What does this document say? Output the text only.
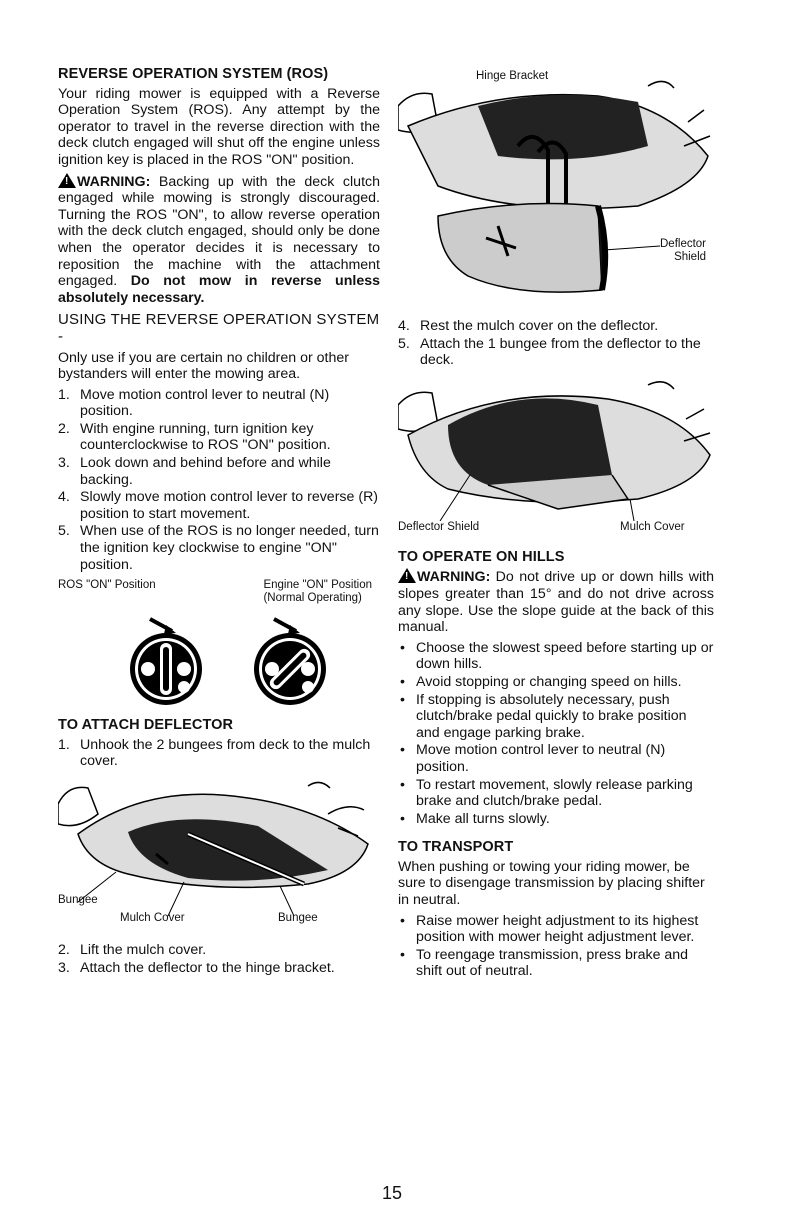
REVERSE OPERATION SYSTEM (ROS)

Your riding mower is equipped with a Reverse Operation System (ROS). Any attempt by the operator to travel in the reverse direction with the deck clutch engaged will shut off the engine unless ignition key is placed in the ROS "ON" position.

!WARNING: Backing up with the deck clutch engaged while mowing is strongly discouraged. Turning the ROS "ON", to allow reverse operation with the deck clutch engaged, should only be done when the operator decides it is necessary to reposition the machine with the attachment engaged. Do not mow in reverse unless absolutely necessary.

USING THE REVERSE OPERATION SYSTEM -

Only use if you are certain no children or other bystanders will enter the mowing area.

1. Move motion control lever to neutral (N) position.
2. With engine running, turn ignition key counterclockwise to ROS "ON" position.
3. Look down and behind before and while backing.
4. Slowly move motion control lever to reverse (R) position to start movement.
5. When use of the ROS is no longer needed, turn the ignition key clockwise to engine "ON" position.
ROS "ON" Position	Engine "ON" Position
(Normal Operating)
TO ATTACH DEFLECTOR
1. Unhook the 2 bungees from deck to the mulch cover.
Bungee
Mulch Cover	Bungee
2. Lift the mulch cover.
3. Attach the deflector to the hinge bracket.
Hinge Bracket
Deflector
Shield
4. Rest the mulch cover on the deflector.
5. Attach the 1 bungee from the deflector to the deck.
Deflector Shield	Mulch Cover
TO OPERATE ON HILLS

!WARNING: Do not drive up or down hills with slopes greater than 15° and do not drive across any slope. Use the slope guide at the back of this manual.

• Choose the slowest speed before starting up or down hills.
• Avoid stopping or changing speed on hills.
• If stopping is absolutely necessary, push clutch/brake pedal quickly to brake position and engage parking brake.
• Move motion control lever to neutral (N) position.
• To restart movement, slowly release parking brake and clutch/brake pedal.
• Make all turns slowly.
TO TRANSPORT

When pushing or towing your riding mower, be sure to disengage transmission by placing shifter in neutral.

• Raise mower height adjustment to its highest position with mower height adjustment lever.
• To reengage transmission, press brake and shift out of neutral.
15
